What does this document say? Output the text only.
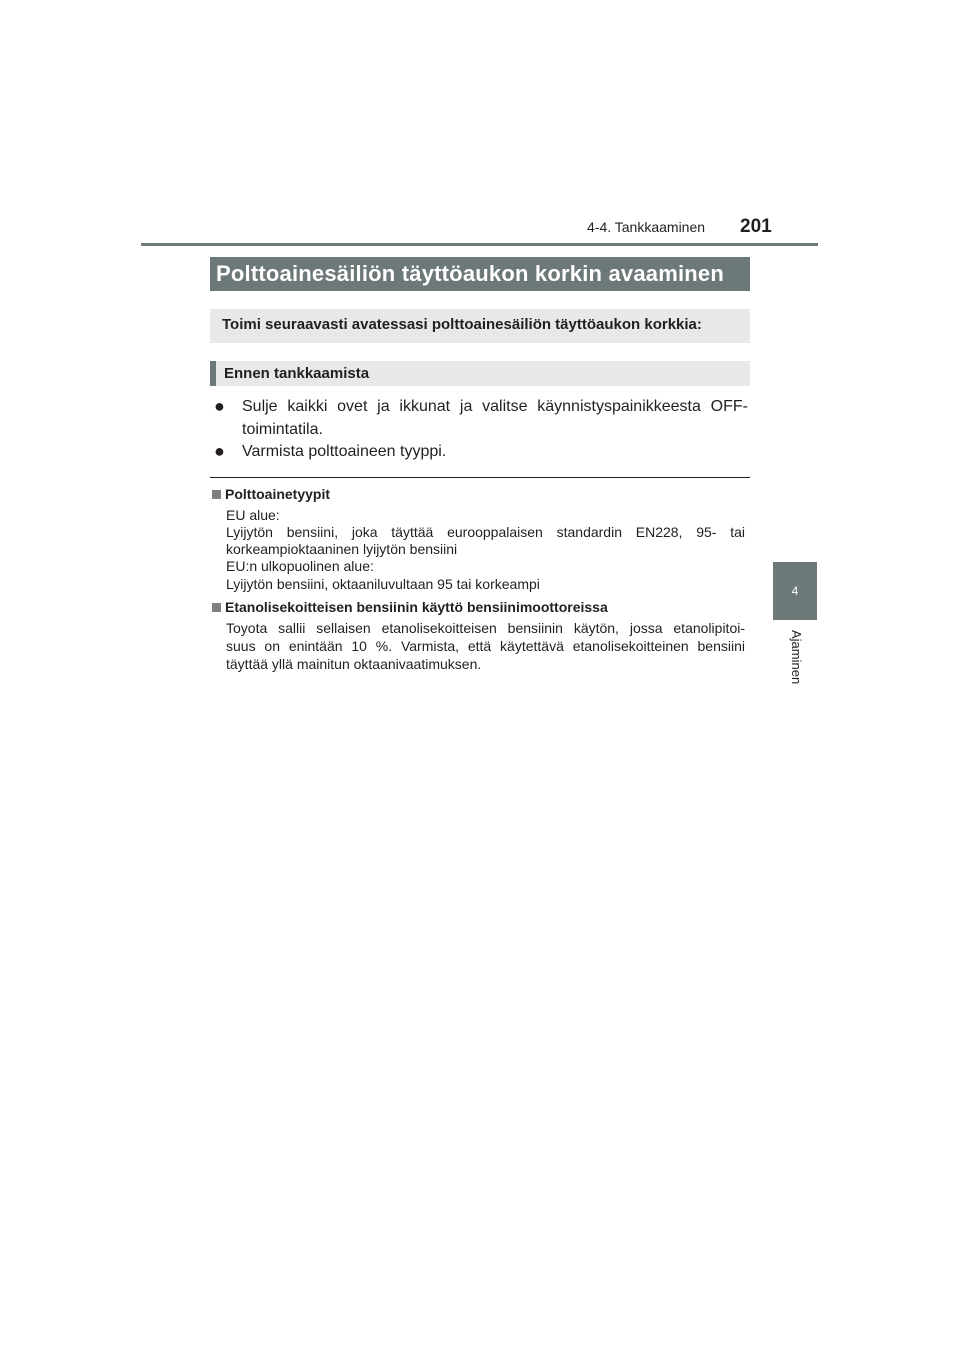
4-4. Tankkaaminen 201
4
Ajaminen
Polttoainesäiliön täyttöaukon korkin avaaminen
Toimi seuraavasti avatessasi polttoainesäiliön täyttöaukon korkkia:
Ennen tankkaamista
● Sulje kaikki ovet ja ikkunat ja valitse käynnistyspainikkeesta OFF-toimintatila.
● Varmista polttoaineen tyyppi.
Polttoainetyypit
EU alue:
Lyijytön bensiini, joka täyttää eurooppalaisen standardin EN228, 95- tai
korkeampioktaaninen lyijytön bensiini
EU:n ulkopuolinen alue:
Lyijytön bensiini, oktaaniluvultaan 95 tai korkeampi
Etanolisekoitteisen bensiinin käyttö bensiinimoottoreissa
Toyota sallii sellaisen etanolisekoitteisen bensiinin käytön, jossa etanolipitoi-
suus on enintään 10 %. Varmista, että käytettävä etanolisekoitteinen bensiini
täyttää yllä mainitun oktaanivaatimuksen.
